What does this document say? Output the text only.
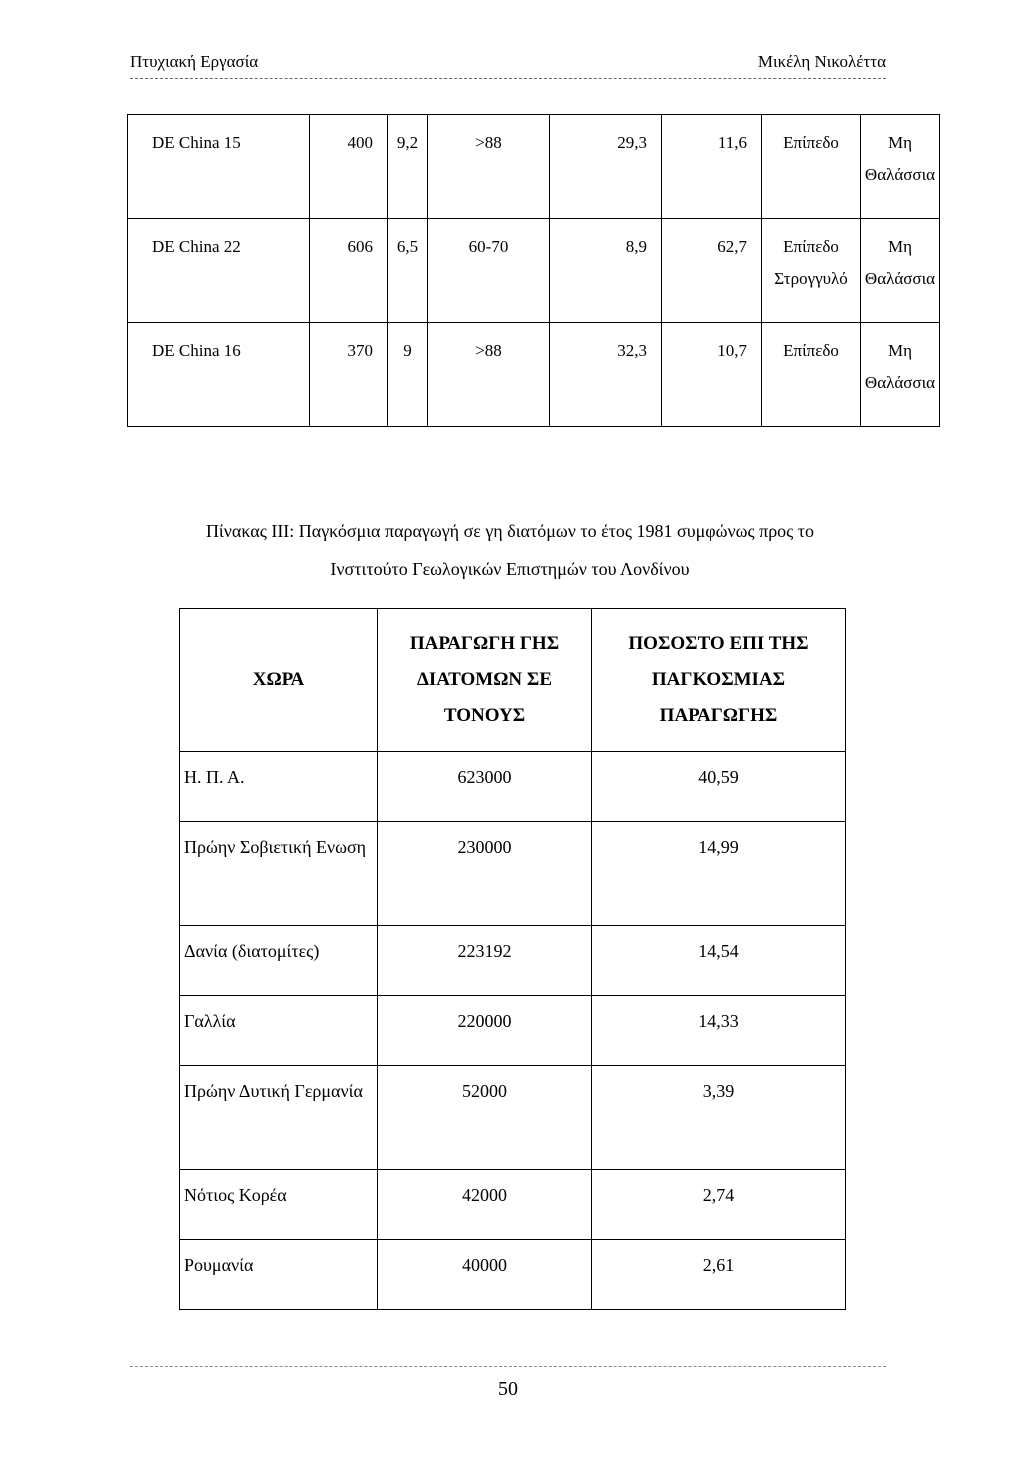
Πτυχιακή Εργασία	Μικέλη Νικολέττα
DE China 15	400	9,2	>88	29,3	11,6	Επίπεδο	Μη Θαλάσσια
DE China 22	606	6,5	60-70	8,9	62,7	Επίπεδο Στρογγυλό	Μη Θαλάσσια
DE China 16	370	9	>88	32,3	10,7	Επίπεδο	Μη Θαλάσσια
Πίνακας ΙΙΙ: Παγκόσμια παραγωγή σε γη διατόμων το έτος 1981 συμφώνως προς το
Ινστιτούτο Γεωλογικών Επιστημών του Λονδίνου
ΧΩΡΑ	ΠΑΡΑΓΩΓΗ ΓΗΣ ΔΙΑΤΟΜΩΝ ΣΕ ΤΟΝΟΥΣ	ΠΟΣΟΣΤΟ ΕΠΙ ΤΗΣ ΠΑΓΚΟΣΜΙΑΣ ΠΑΡΑΓΩΓΗΣ
Η. Π. Α.	623000	40,59
Πρώην Σοβιετική Ενωση	230000	14,99
Δανία (διατομίτες)	223192	14,54
Γαλλία	220000	14,33
Πρώην Δυτική Γερμανία	52000	3,39
Νότιος Κορέα	42000	2,74
Ρουμανία	40000	2,61
50
